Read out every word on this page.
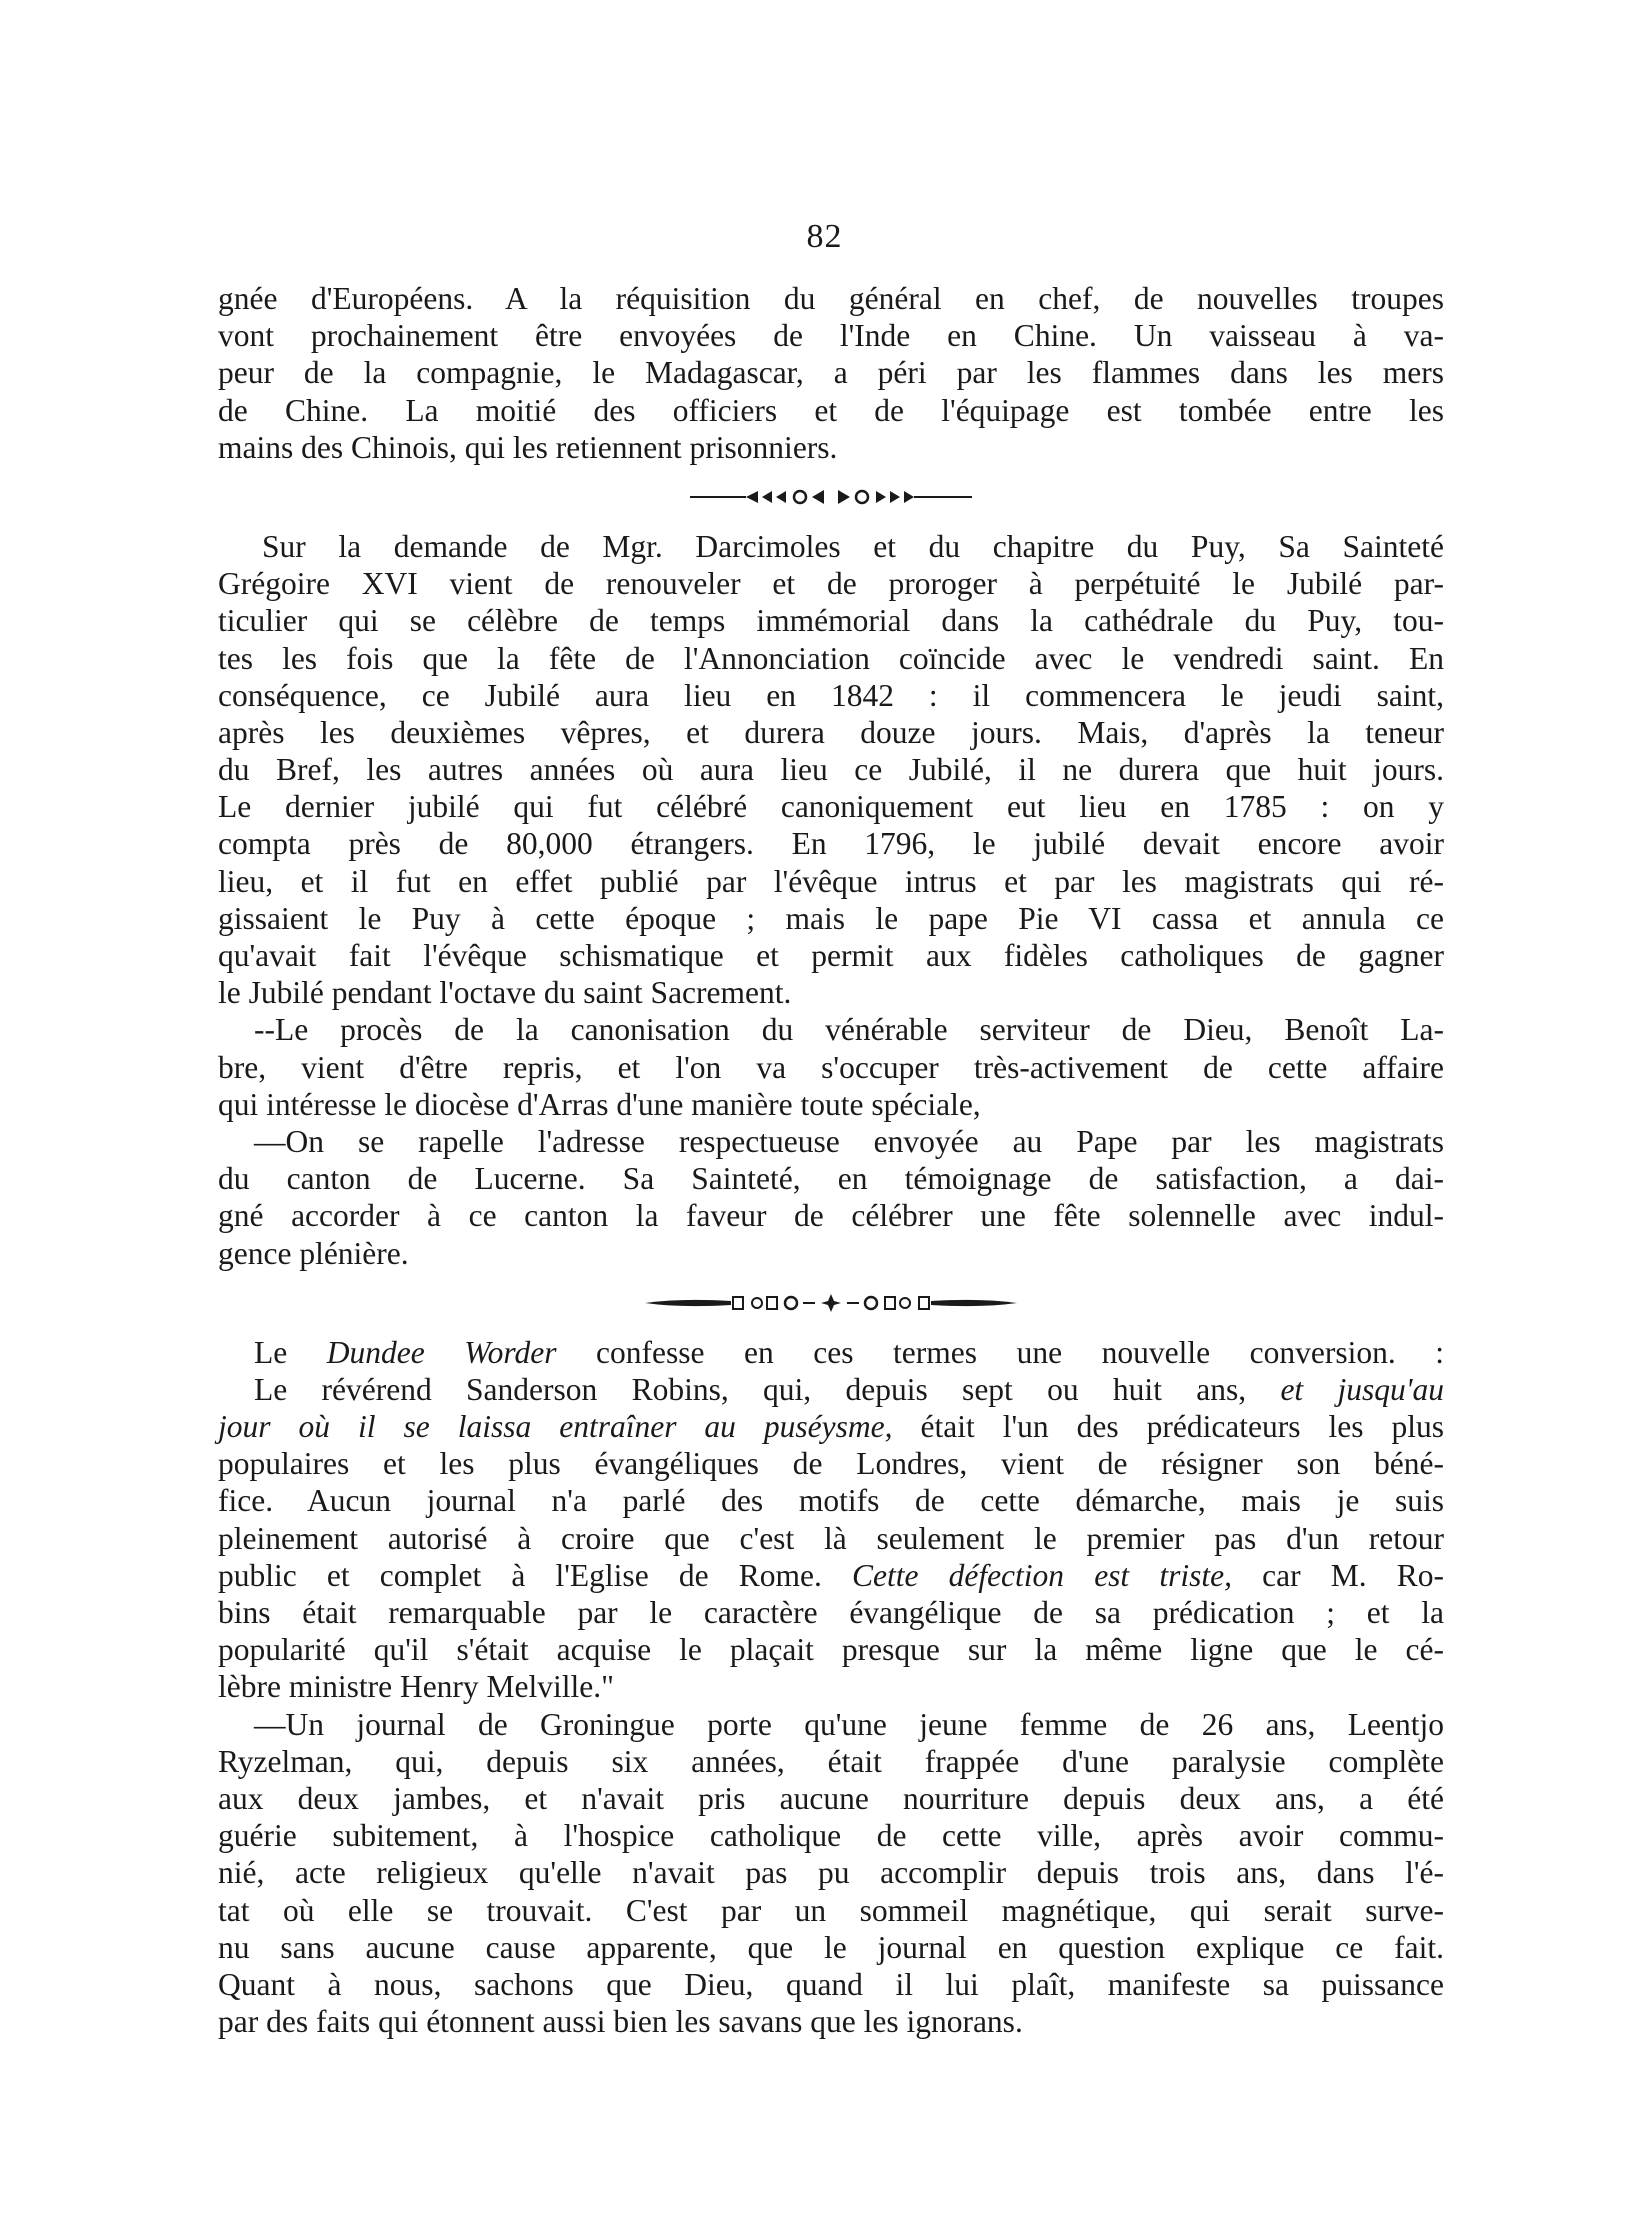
82
gnée d'Européens. A la réquisition du général en chef, de nouvelles troupes
vont prochainement être envoyées de l'Inde en Chine. Un vaisseau à va-
peur de la compagnie, le Madagascar, a péri par les flammes dans les mers
de Chine. La moitié des officiers et de l'équipage est tombée entre les
mains des Chinois, qui les retiennent prisonniers.
Sur la demande de Mgr. Darcimoles et du chapitre du Puy, Sa Sainteté
Grégoire XVI vient de renouveler et de proroger à perpétuité le Jubilé par-
ticulier qui se célèbre de temps immémorial dans la cathédrale du Puy, tou-
tes les fois que la fête de l'Annonciation coïncide avec le vendredi saint. En
conséquence, ce Jubilé aura lieu en 1842 : il commencera le jeudi saint,
après les deuxièmes vêpres, et durera douze jours. Mais, d'après la teneur
du Bref, les autres années où aura lieu ce Jubilé, il ne durera que huit jours.
Le dernier jubilé qui fut célébré canoniquement eut lieu en 1785 : on y
compta près de 80,000 étrangers. En 1796, le jubilé devait encore avoir
lieu, et il fut en effet publié par l'évêque intrus et par les magistrats qui ré-
gissaient le Puy à cette époque ; mais le pape Pie VI cassa et annula ce
qu'avait fait l'évêque schismatique et permit aux fidèles catholiques de gagner
le Jubilé pendant l'octave du saint Sacrement.
--Le procès de la canonisation du vénérable serviteur de Dieu, Benoît La-
bre, vient d'être repris, et l'on va s'occuper très-activement de cette affaire
qui intéresse le diocèse d'Arras d'une manière toute spéciale,
—On se rapelle l'adresse respectueuse envoyée au Pape par les magistrats
du canton de Lucerne. Sa Sainteté, en témoignage de satisfaction, a dai-
gné accorder à ce canton la faveur de célébrer une fête solennelle avec indul-
gence plénière.
Le Dundee Worder confesse en ces termes une nouvelle conversion. :
Le révérend Sanderson Robins, qui, depuis sept ou huit ans, et jusqu'au
jour où il se laissa entraîner au puséysme, était l'un des prédicateurs les plus
populaires et les plus évangéliques de Londres, vient de résigner son béné-
fice. Aucun journal n'a parlé des motifs de cette démarche, mais je suis
pleinement autorisé à croire que c'est là seulement le premier pas d'un retour
public et complet à l'Eglise de Rome. Cette défection est triste, car M. Ro-
bins était remarquable par le caractère évangélique de sa prédication ; et la
popularité qu'il s'était acquise le plaçait presque sur la même ligne que le cé-
lèbre ministre Henry Melville."
—Un journal de Groningue porte qu'une jeune femme de 26 ans, Leentjo
Ryzelman, qui, depuis six années, était frappée d'une paralysie complète
aux deux jambes, et n'avait pris aucune nourriture depuis deux ans, a été
guérie subitement, à l'hospice catholique de cette ville, après avoir commu-
nié, acte religieux qu'elle n'avait pas pu accomplir depuis trois ans, dans l'é-
tat où elle se trouvait. C'est par un sommeil magnétique, qui serait surve-
nu sans aucune cause apparente, que le journal en question explique ce fait.
Quant à nous, sachons que Dieu, quand il lui plaît, manifeste sa puissance
par des faits qui étonnent aussi bien les savans que les ignorans.
